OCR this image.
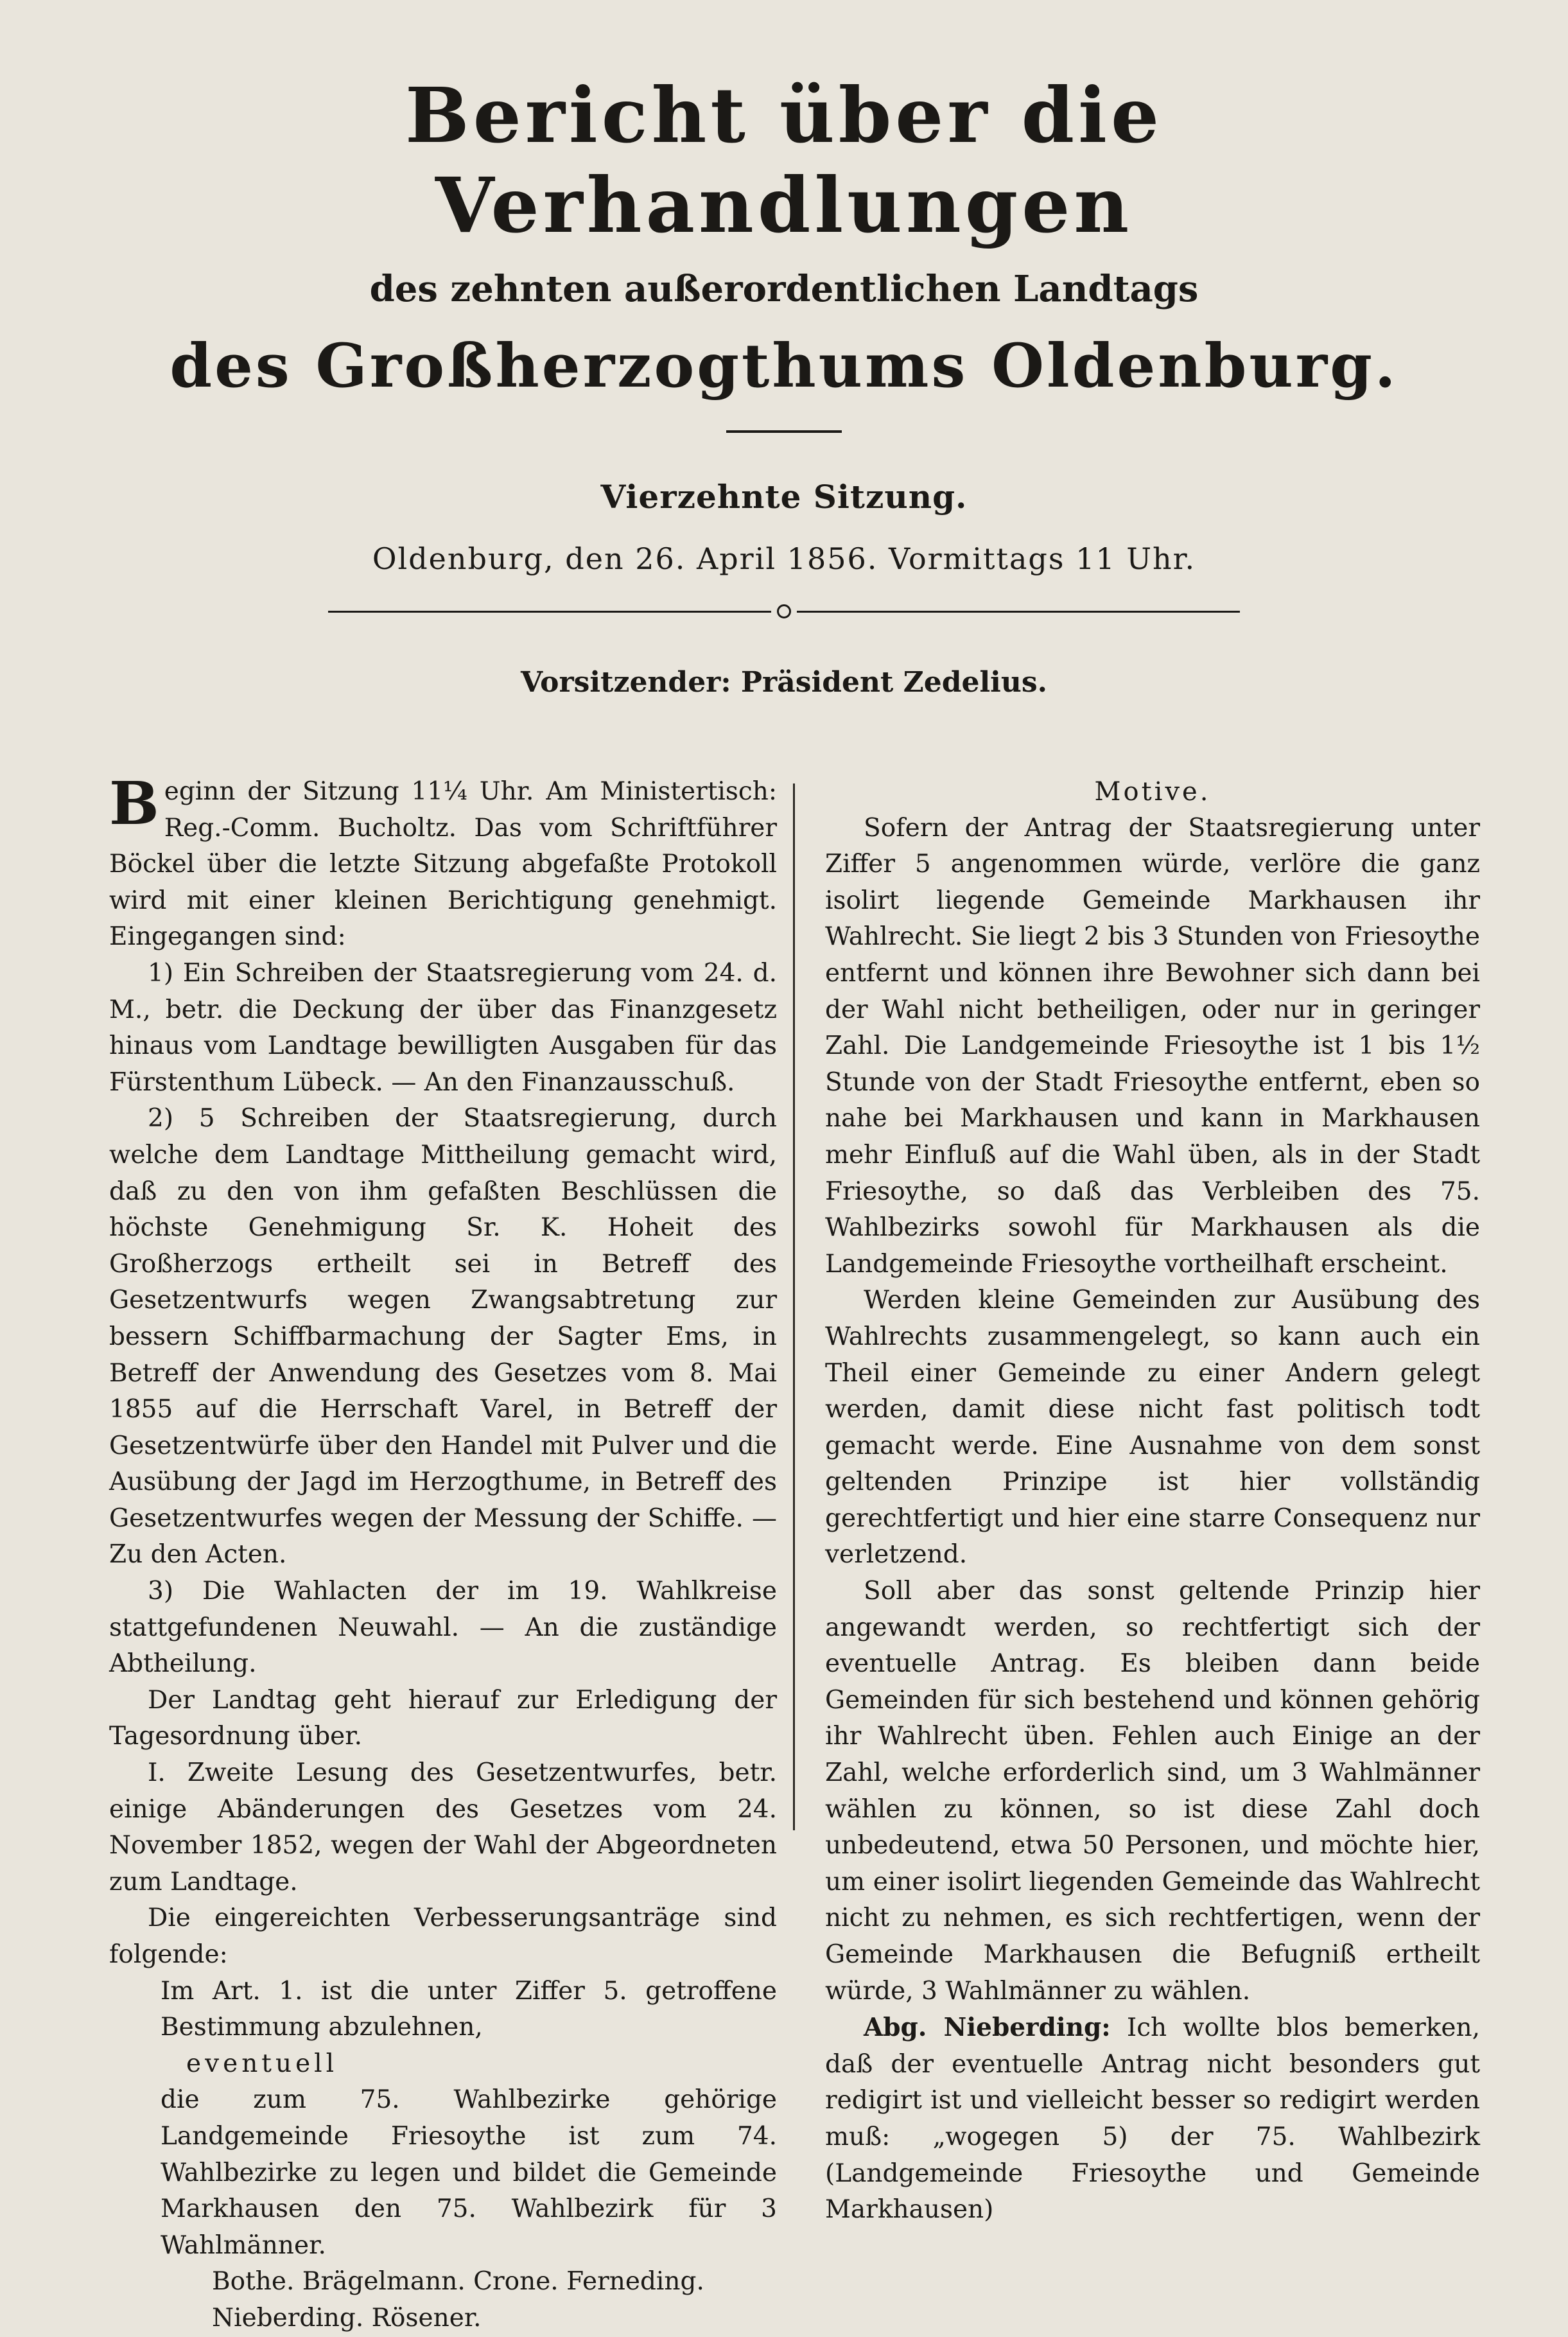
Bericht über die Verhandlungen
des zehnten außerordentlichen Landtags
des Großherzogthums Oldenburg.
Vierzehnte Sitzung.
Oldenburg, den 26. April 1856. Vormittags 11 Uhr.
Vorsitzender: Präsident Zedelius.

Beginn der Sitzung 11¼ Uhr. Am Ministertisch: Reg.-Comm. Bucholtz. Das vom Schriftführer Böckel über die letzte Sitzung abgefaßte Protokoll wird mit einer kleinen Berichtigung genehmigt. Eingegangen sind:

1) Ein Schreiben der Staatsregierung vom 24. d. M., betr. die Deckung der über das Finanzgesetz hinaus vom Landtage bewilligten Ausgaben für das Fürstenthum Lübeck. — An den Finanzausschuß.

2) 5 Schreiben der Staatsregierung, durch welche dem Landtage Mittheilung gemacht wird, daß zu den von ihm gefaßten Beschlüssen die höchste Genehmigung Sr. K. Hoheit des Großherzogs ertheilt sei in Betreff des Gesetzentwurfs wegen Zwangsabtretung zur bessern Schiffbarmachung der Sagter Ems, in Betreff der Anwendung des Gesetzes vom 8. Mai 1855 auf die Herrschaft Varel, in Betreff der Gesetzentwürfe über den Handel mit Pulver und die Ausübung der Jagd im Herzogthume, in Betreff des Gesetzentwurfes wegen der Messung der Schiffe. — Zu den Acten.

3) Die Wahlacten der im 19. Wahlkreise stattgefundenen Neuwahl. — An die zuständige Abtheilung.

Der Landtag geht hierauf zur Erledigung der Tagesordnung über.

I. Zweite Lesung des Gesetzentwurfes, betr. einige Abänderungen des Gesetzes vom 24. November 1852, wegen der Wahl der Abgeordneten zum Landtage.

Die eingereichten Verbesserungsanträge sind folgende:

Im Art. 1. ist die unter Ziffer 5. getroffene Bestimmung abzulehnen,

eventuell

die zum 75. Wahlbezirke gehörige Landgemeinde Friesoythe ist zum 74. Wahlbezirke zu legen und bildet die Gemeinde Markhausen den 75. Wahlbezirk für 3 Wahlmänner.

Bothe. Brägelmann. Crone. Ferneding.

Nieberding. Rösener.

Motive.

Sofern der Antrag der Staatsregierung unter Ziffer 5 angenommen würde, verlöre die ganz isolirt liegende Gemeinde Markhausen ihr Wahlrecht. Sie liegt 2 bis 3 Stunden von Friesoythe entfernt und können ihre Bewohner sich dann bei der Wahl nicht betheiligen, oder nur in geringer Zahl. Die Landgemeinde Friesoythe ist 1 bis 1½ Stunde von der Stadt Friesoythe entfernt, eben so nahe bei Markhausen und kann in Markhausen mehr Einfluß auf die Wahl üben, als in der Stadt Friesoythe, so daß das Verbleiben des 75. Wahlbezirks sowohl für Markhausen als die Landgemeinde Friesoythe vortheilhaft erscheint.

Werden kleine Gemeinden zur Ausübung des Wahlrechts zusammengelegt, so kann auch ein Theil einer Gemeinde zu einer Andern gelegt werden, damit diese nicht fast politisch todt gemacht werde. Eine Ausnahme von dem sonst geltenden Prinzipe ist hier vollständig gerechtfertigt und hier eine starre Consequenz nur verletzend.

Soll aber das sonst geltende Prinzip hier angewandt werden, so rechtfertigt sich der eventuelle Antrag. Es bleiben dann beide Gemeinden für sich bestehend und können gehörig ihr Wahlrecht üben. Fehlen auch Einige an der Zahl, welche erforderlich sind, um 3 Wahlmänner wählen zu können, so ist diese Zahl doch unbedeutend, etwa 50 Personen, und möchte hier, um einer isolirt liegenden Gemeinde das Wahlrecht nicht zu nehmen, es sich rechtfertigen, wenn der Gemeinde Markhausen die Befugniß ertheilt würde, 3 Wahlmänner zu wählen.

Abg. Nieberding: Ich wollte blos bemerken, daß der eventuelle Antrag nicht besonders gut redigirt ist und vielleicht besser so redigirt werden muß: „wogegen 5) der 75. Wahlbezirk (Landgemeinde Friesoythe und Gemeinde Markhausen)
